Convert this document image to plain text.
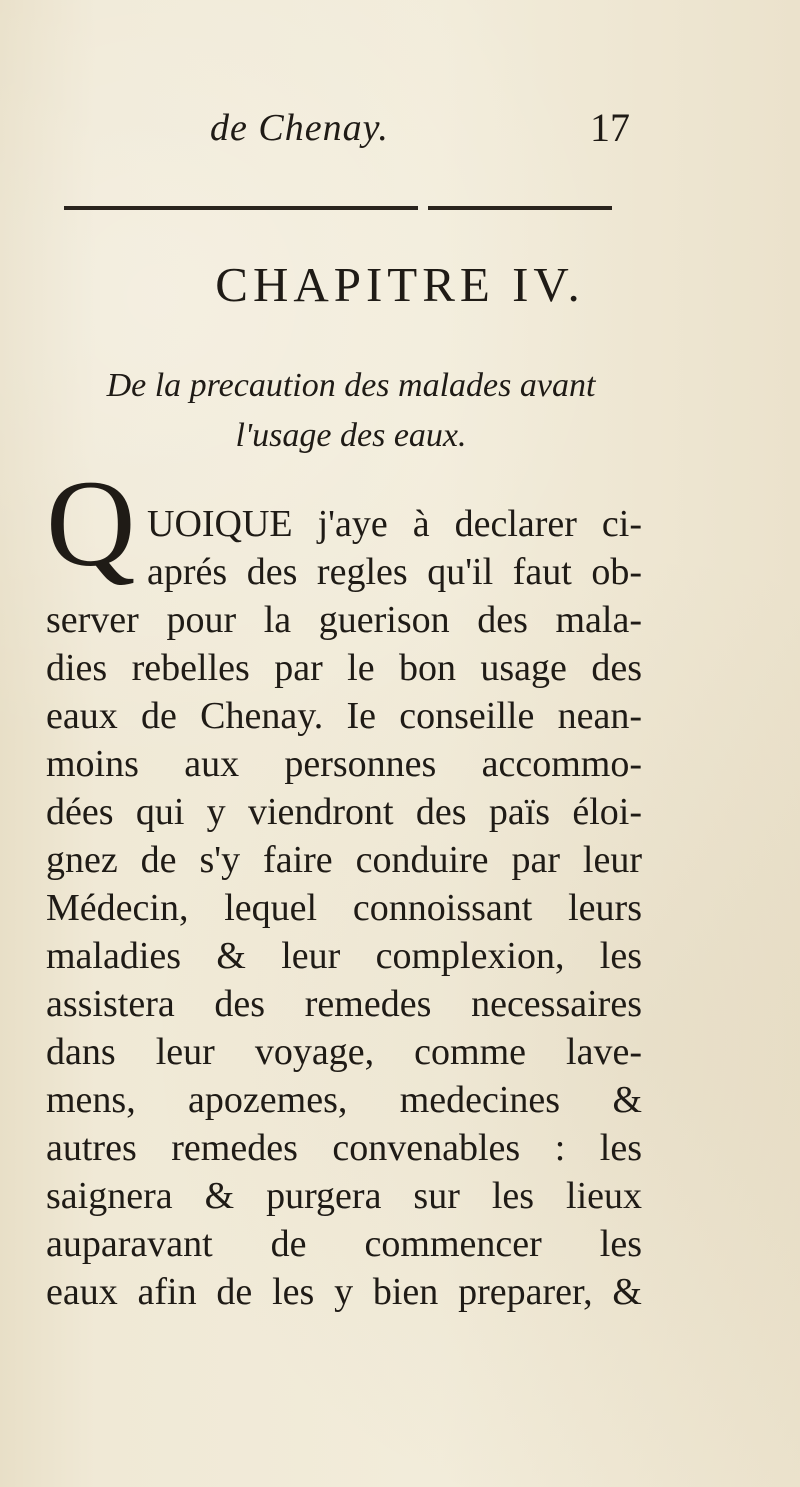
de Chenay.	17
CHAPITRE IV.
De la precaution des malades avant
l'usage des eaux.
Q UOIQUE j'aye à declarer ci-
aprés des regles qu'il faut ob-
server pour la guerison des mala-
dies rebelles par le bon usage des
eaux de Chenay. Ie conseille nean-
moins aux personnes accommo-
dées qui y viendront des païs éloi-
gnez de s'y faire conduire par leur
Médecin, lequel connoissant leurs
maladies & leur complexion, les
assistera des remedes necessaires
dans leur voyage, comme lave-
mens, apozemes, medecines &
autres remedes convenables : les
saignera & purgera sur les lieux
auparavant de commencer les
eaux afin de les y bien preparer, &
